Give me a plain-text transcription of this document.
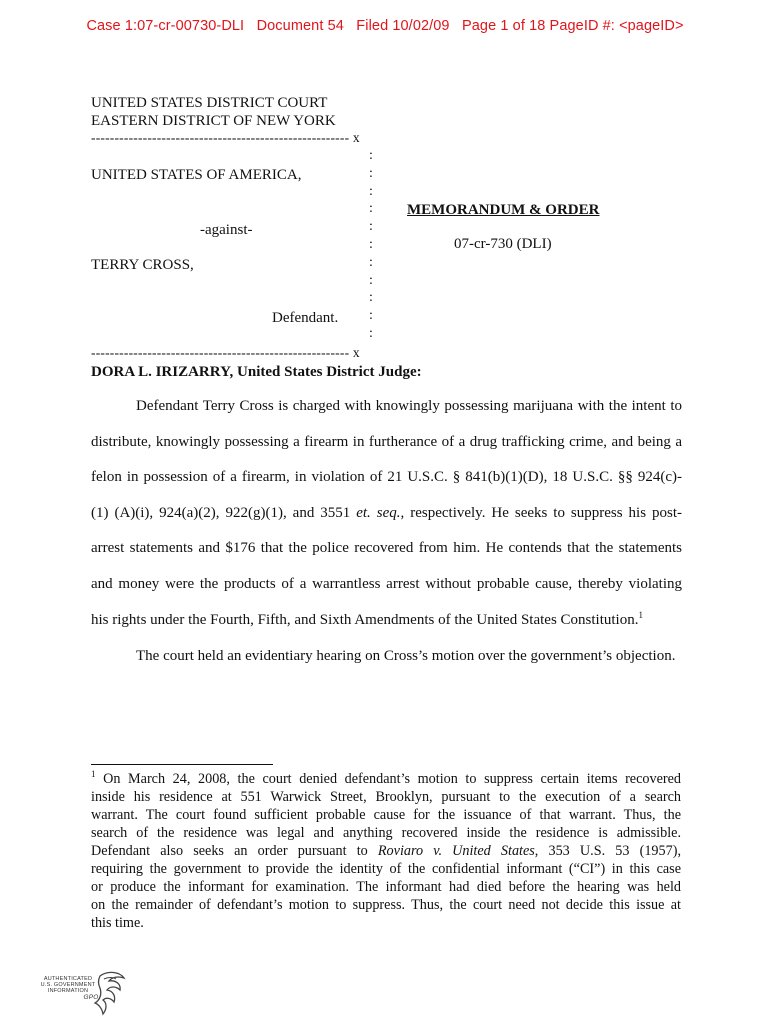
Case 1:07-cr-00730-DLI   Document 54   Filed 10/02/09   Page 1 of 18 PageID #: <pageID>
UNITED STATES DISTRICT COURT
EASTERN DISTRICT OF NEW YORK
------------------------------------------------------- x
UNITED STATES OF AMERICA,
-against-
TERRY CROSS,
Defendant.
:
:
:
:
:
:
:
:
:
:
:
MEMORANDUM & ORDER
07-cr-730 (DLI)
------------------------------------------------------- x
DORA L. IRIZARRY, United States District Judge:
Defendant Terry Cross is charged with knowingly possessing marijuana with the intent to
distribute, knowingly possessing a firearm in furtherance of a drug trafficking crime, and being a
felon in possession of a firearm, in violation of 21 U.S.C. § 841(b)(1)(D), 18 U.S.C. §§ 924(c)-
(1) (A)(i), 924(a)(2), 922(g)(1), and 3551 et. seq., respectively. He seeks to suppress his post-
arrest statements and $176 that the police recovered from him. He contends that the statements
and money were the products of a warrantless arrest without probable cause, thereby violating
his rights under the Fourth, Fifth, and Sixth Amendments of the United States Constitution.$^1$
The court held an evidentiary hearing on Cross’s motion over the government’s objection.
$^1$ On March 24, 2008, the court denied defendant’s motion to suppress certain items recovered
inside his residence at 551 Warwick Street, Brooklyn, pursuant to the execution of a search
warrant. The court found sufficient probable cause for the issuance of that warrant. Thus, the
search of the residence was legal and anything recovered inside the residence is admissible.
Defendant also seeks an order pursuant to Roviaro v. United States, 353 U.S. 53 (1957),
requiring the government to provide the identity of the confidential informant (“CI”) in this case
or produce the informant for examination. The informant had died before the hearing was held
on the remainder of defendant’s motion to suppress. Thus, the court need not decide this issue at
this time.
AUTHENTICATED
U.S. GOVERNMENT
INFORMATION
GPO
